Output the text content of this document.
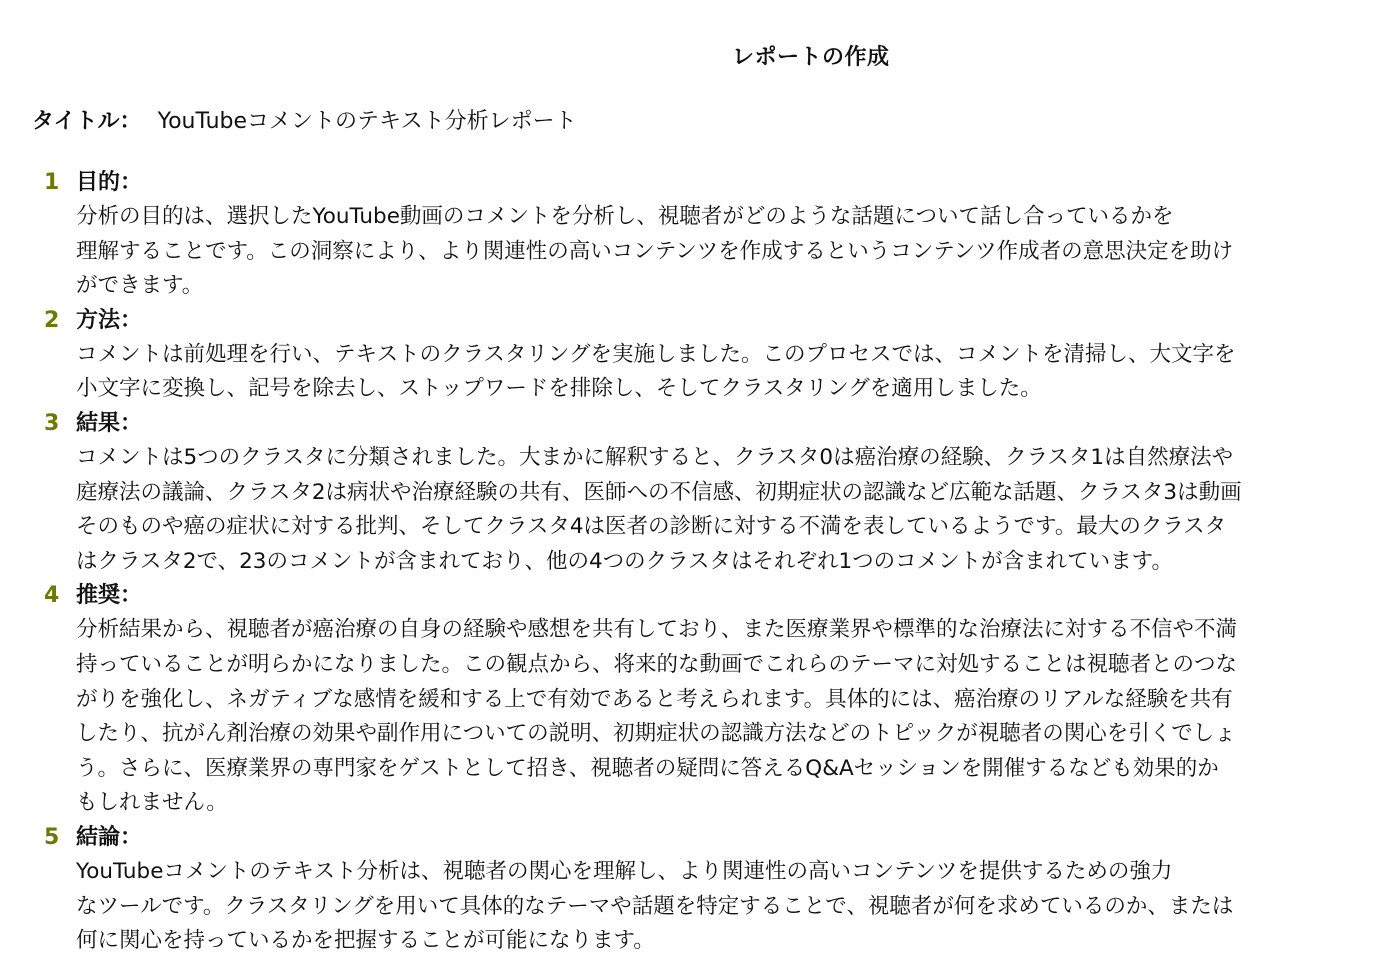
レポートの作成
タイトル： YouTubeコメントのテキスト分析レポート
1 目的：
分析の目的は、選択したYouTube動画のコメントを分析し、視聴者がどのような話題について話し合っているかを
理解することです。この洞察により、より関連性の高いコンテンツを作成するというコンテンツ作成者の意思決定を助け
ができます。
2 方法：
コメントは前処理を行い、テキストのクラスタリングを実施しました。このプロセスでは、コメントを清掃し、大文字を
小文字に変換し、記号を除去し、ストップワードを排除し、そしてクラスタリングを適用しました。
3 結果：
コメントは5つのクラスタに分類されました。大まかに解釈すると、クラスタ0は癌治療の経験、クラスタ1は自然療法や
庭療法の議論、クラスタ2は病状や治療経験の共有、医師への不信感、初期症状の認識など広範な話題、クラスタ3は動画
そのものや癌の症状に対する批判、そしてクラスタ4は医者の診断に対する不満を表しているようです。最大のクラスタ
はクラスタ2で、23のコメントが含まれており、他の4つのクラスタはそれぞれ1つのコメントが含まれています。
4 推奨：
分析結果から、視聴者が癌治療の自身の経験や感想を共有しており、また医療業界や標準的な治療法に対する不信や不満
持っていることが明らかになりました。この観点から、将来的な動画でこれらのテーマに対処することは視聴者とのつな
がりを強化し、ネガティブな感情を緩和する上で有効であると考えられます。具体的には、癌治療のリアルな経験を共有
したり、抗がん剤治療の効果や副作用についての説明、初期症状の認識方法などのトピックが視聴者の関心を引くでしょ
う。さらに、医療業界の専門家をゲストとして招き、視聴者の疑問に答えるQ&Aセッションを開催するなども効果的か
もしれません。
5 結論：
YouTubeコメントのテキスト分析は、視聴者の関心を理解し、より関連性の高いコンテンツを提供するための強力
なツールです。クラスタリングを用いて具体的なテーマや話題を特定することで、視聴者が何を求めているのか、または
何に関心を持っているかを把握することが可能になります。
